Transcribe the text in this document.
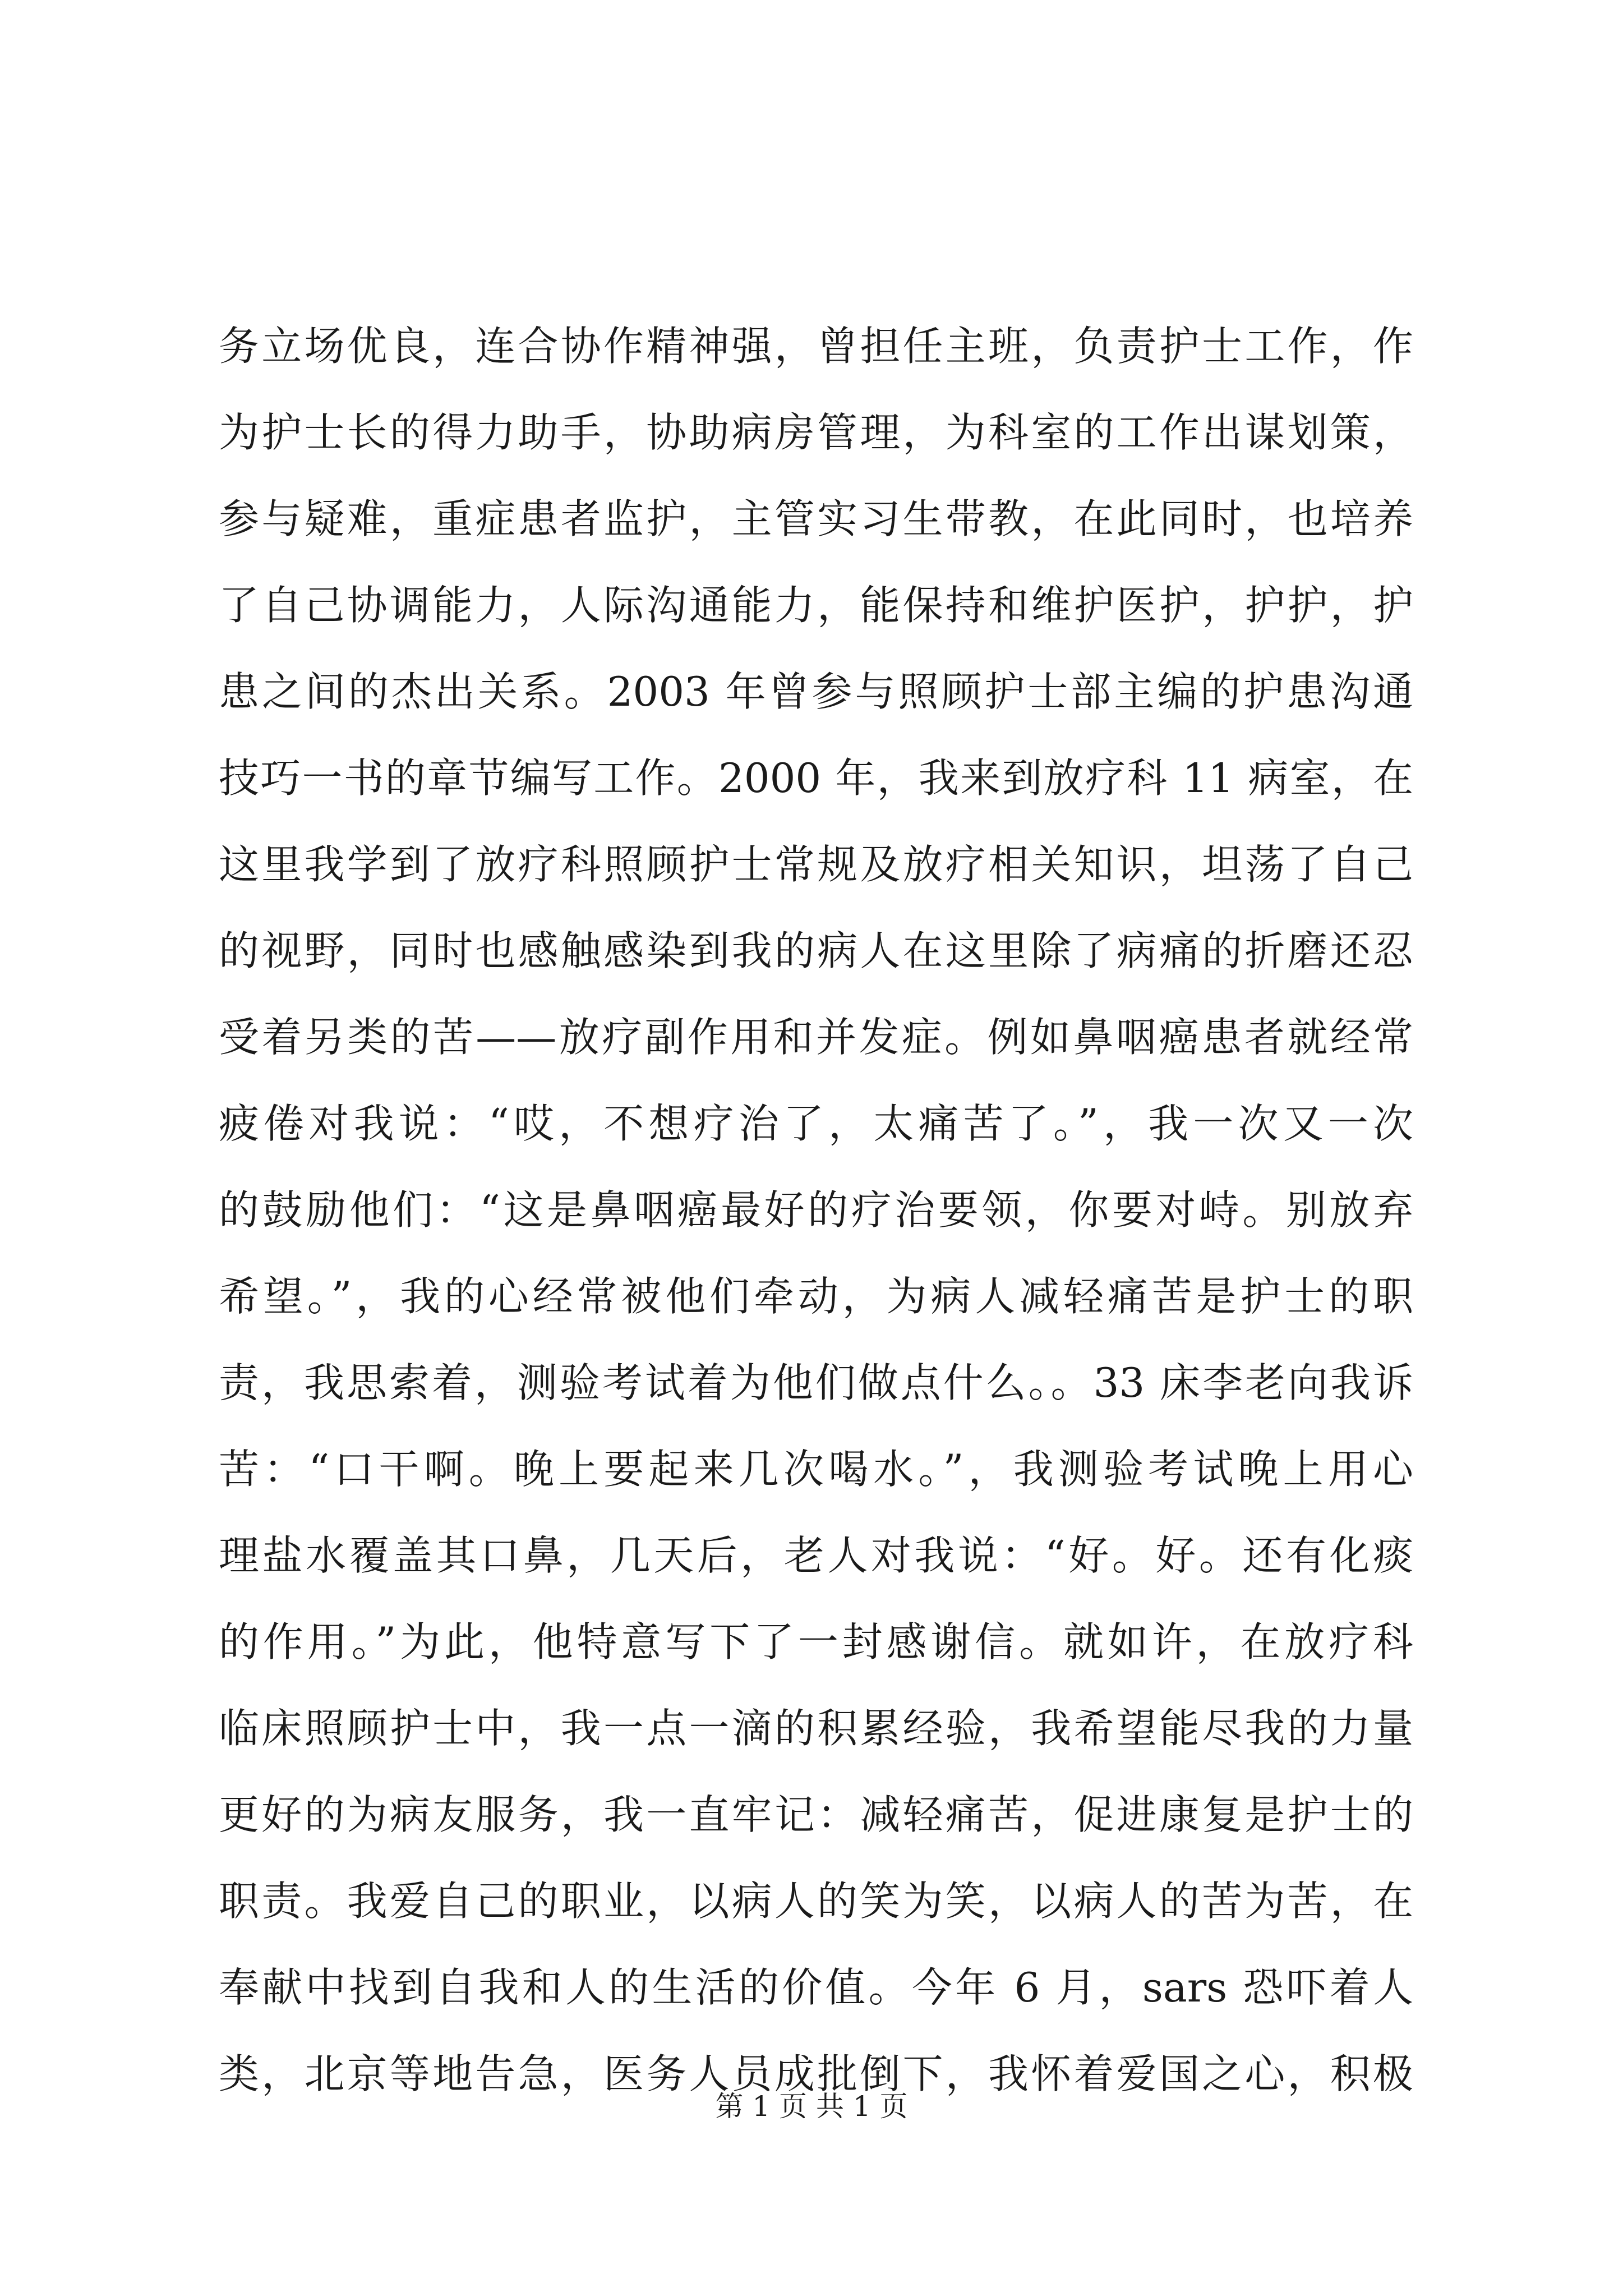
务立场优良，连合协作精神强，曾担任主班，负责护士工作，作
为护士长的得力助手，协助病房管理，为科室的工作出谋划策，
参与疑难，重症患者监护，主管实习生带教，在此同时，也培养
了自己协调能力，人际沟通能力，能保持和维护医护，护护，护
患之间的杰出关系。2003 年曾参与照顾护士部主编的护患沟通
技巧一书的章节编写工作。2000 年，我来到放疗科 11 病室，在
这里我学到了放疗科照顾护士常规及放疗相关知识，坦荡了自己
的视野，同时也感触感染到我的病人在这里除了病痛的折磨还忍
受着另类的苦——放疗副作用和并发症。例如鼻咽癌患者就经常
疲倦对我说：“哎，不想疗治了，太痛苦了。”，我一次又一次
的鼓励他们：“这是鼻咽癌最好的疗治要领，你要对峙。别放弃
希望。”，我的心经常被他们牵动，为病人减轻痛苦是护士的职
责，我思索着，测验考试着为他们做点什么。。33 床李老向我诉
苦：“口干啊。晚上要起来几次喝水。”，我测验考试晚上用心
理盐水覆盖其口鼻，几天后，老人对我说：“好。好。还有化痰
的作用。”为此，他特意写下了一封感谢信。就如许，在放疗科
临床照顾护士中，我一点一滴的积累经验，我希望能尽我的力量
更好的为病友服务，我一直牢记：减轻痛苦，促进康复是护士的
职责。我爱自己的职业，以病人的笑为笑，以病人的苦为苦，在
奉献中找到自我和人的生活的价值。今年 6 月，sars 恐吓着人
类，北京等地告急，医务人员成批倒下，我怀着爱国之心，积极
第 1 页 共 1 页
